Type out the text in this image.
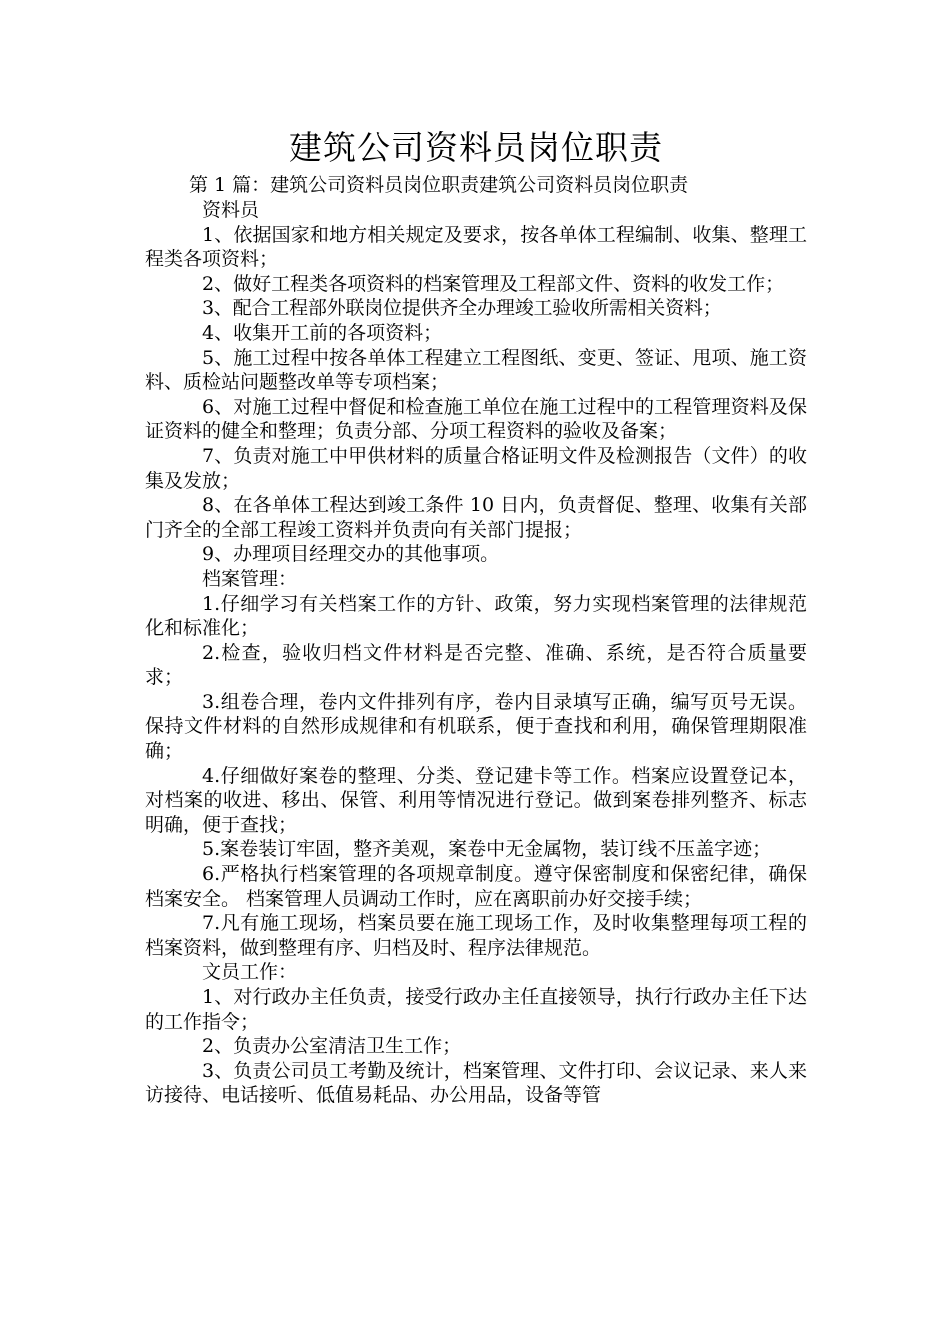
建筑公司资料员岗位职责

第 1 篇：建筑公司资料员岗位职责建筑公司资料员岗位职责

资料员

1、依据国家和地方相关规定及要求，按各单体工程编制、收集、整理工程类各项资料；

2、做好工程类各项资料的档案管理及工程部文件、资料的收发工作；

3、配合工程部外联岗位提供齐全办理竣工验收所需相关资料；

4、收集开工前的各项资料；

5、施工过程中按各单体工程建立工程图纸、变更、签证、甩项、施工资料、质检站问题整改单等专项档案；

6、对施工过程中督促和检查施工单位在施工过程中的工程管理资料及保证资料的健全和整理；负责分部、分项工程资料的验收及备案；

7、负责对施工中甲供材料的质量合格证明文件及检测报告（文件）的收集及发放；

8、在各单体工程达到竣工条件 10 日内，负责督促、整理、收集有关部门齐全的全部工程竣工资料并负责向有关部门提报；

9、办理项目经理交办的其他事项。

档案管理：

1.仔细学习有关档案工作的方针、政策，努力实现档案管理的法律规范化和标准化；

2.检查，验收归档文件材料是否完整、准确、系统，是否符合质量要求；

3.组卷合理，卷内文件排列有序，卷内目录填写正确，编写页号无误。 保持文件材料的自然形成规律和有机联系，便于查找和利用，确保管理期限准确；

4.仔细做好案卷的整理、分类、登记建卡等工作。档案应设置登记本，对档案的收进、移出、保管、利用等情况进行登记。做到案卷排列整齐、标志明确，便于查找；

5.案卷装订牢固，整齐美观，案卷中无金属物，装订线不压盖字迹；

6.严格执行档案管理的各项规章制度。遵守保密制度和保密纪律，确保档案安全。 档案管理人员调动工作时，应在离职前办好交接手续；

7.凡有施工现场，档案员要在施工现场工作，及时收集整理每项工程的档案资料，做到整理有序、归档及时、程序法律规范。

文员工作：

1、对行政办主任负责，接受行政办主任直接领导，执行行政办主任下达的工作指令；

2、负责办公室清洁卫生工作；

3、负责公司员工考勤及统计，档案管理、文件打印、会议记录、来人来访接待、电话接听、低值易耗品、办公用品，设备等管
